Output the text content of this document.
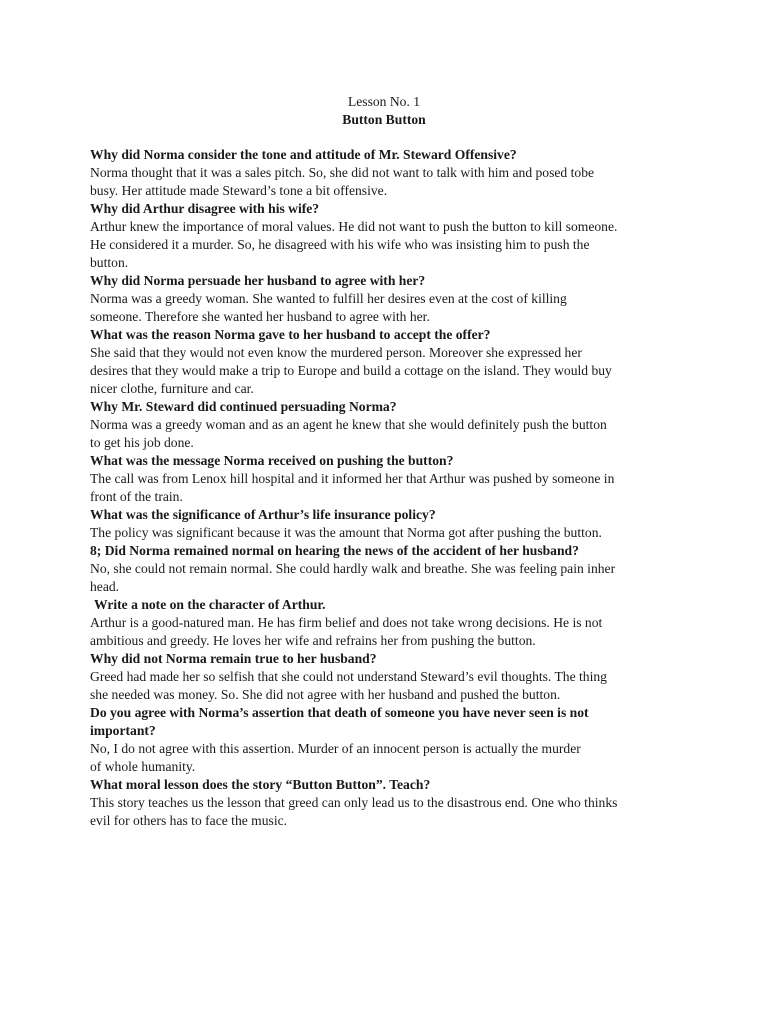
Lesson No. 1
Button Button
Why did Norma consider the tone and attitude of Mr. Steward Offensive?
Norma thought that it was a sales pitch. So, she did not want to talk with him and posed tobe
busy. Her attitude made Steward’s tone a bit offensive.
Why did Arthur disagree with his wife?
Arthur knew the importance of moral values. He did not want to push the button to kill someone.
He considered it a murder. So, he disagreed with his wife who was insisting him to push the
button.
Why did Norma persuade her husband to agree with her?
Norma was a greedy woman. She wanted to fulfill her desires even at the cost of killing
someone. Therefore she wanted her husband to agree with her.
What was the reason Norma gave to her husband to accept the offer?
She said that they would not even know the murdered person. Moreover she expressed her
desires that they would make a trip to Europe and build a cottage on the island. They would buy
nicer clothe, furniture and car.
Why Mr. Steward did continued persuading Norma?
Norma was a greedy woman and as an agent he knew that she would definitely push the button
to get his job done.
What was the message Norma received on pushing the button?
The call was from Lenox hill hospital and it informed her that Arthur was pushed by someone in
front of the train.
What was the significance of Arthur’s life insurance policy?
The policy was significant because it was the amount that Norma got after pushing the button.
8; Did Norma remained normal on hearing the news of the accident of her husband?
No, she could not remain normal. She could hardly walk and breathe. She was feeling pain inher
head.
Write a note on the character of Arthur.
Arthur is a good-natured man. He has firm belief and does not take wrong decisions. He is not
ambitious and greedy. He loves her wife and refrains her from pushing the button.
Why did not Norma remain true to her husband?
Greed had made her so selfish that she could not understand Steward’s evil thoughts. The thing
she needed was money. So. She did not agree with her husband and pushed the button.
Do you agree with Norma’s assertion that death of someone you have never seen is not
important?
No, I do not agree with this assertion. Murder of an innocent person is actually the murder
of whole humanity.
What moral lesson does the story “Button Button”. Teach?
This story teaches us the lesson that greed can only lead us to the disastrous end. One who thinks
evil for others has to face the music.
